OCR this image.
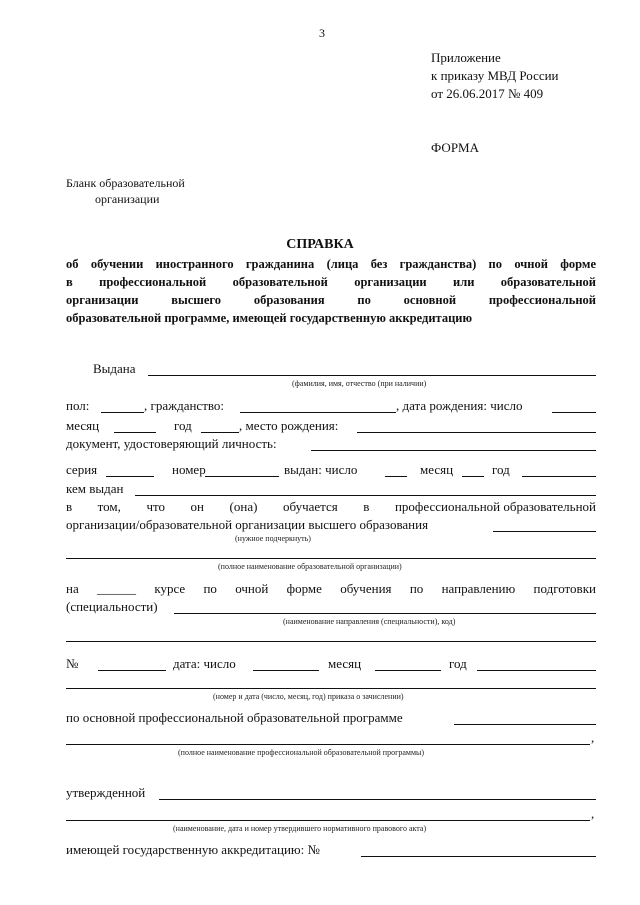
3
Приложение
к приказу МВД России
от 26.06.2017 № 409
ФОРМА
Бланк образовательной
организации
СПРАВКА
об обучении иностранного гражданина (лица без гражданства) по очной форме
в профессиональной образовательной организации или образовательной
организации высшего образования по основной профессиональной
образовательной программе, имеющей государственную аккредитацию
Выдана
(фамилия, имя, отчество (при наличии)
пол:	, гражданство:	, дата рождения: число
месяц	год	, место рождения:
документ, удостоверяющий личность:
серия	номер	выдан: число	месяц	год
кем выдан
в том, что он (она) обучается в профессиональной образовательной
организации/образовательной организации высшего образования
(нужное подчеркнуть)
(полное наименование образовательной организации)
на ______ курсе по очной форме обучения по направлению подготовки
(специальности)
(наименование направления (специальности), код)
№	дата: число	месяц	год
(номер и дата (число, месяц, год) приказа о зачислении)
по основной профессиональной образовательной программе
,
(полное наименование профессиональной образовательной программы)
утвержденной
,
(наименование, дата и номер утвердившего нормативного правового акта)
имеющей государственную аккредитацию: №
